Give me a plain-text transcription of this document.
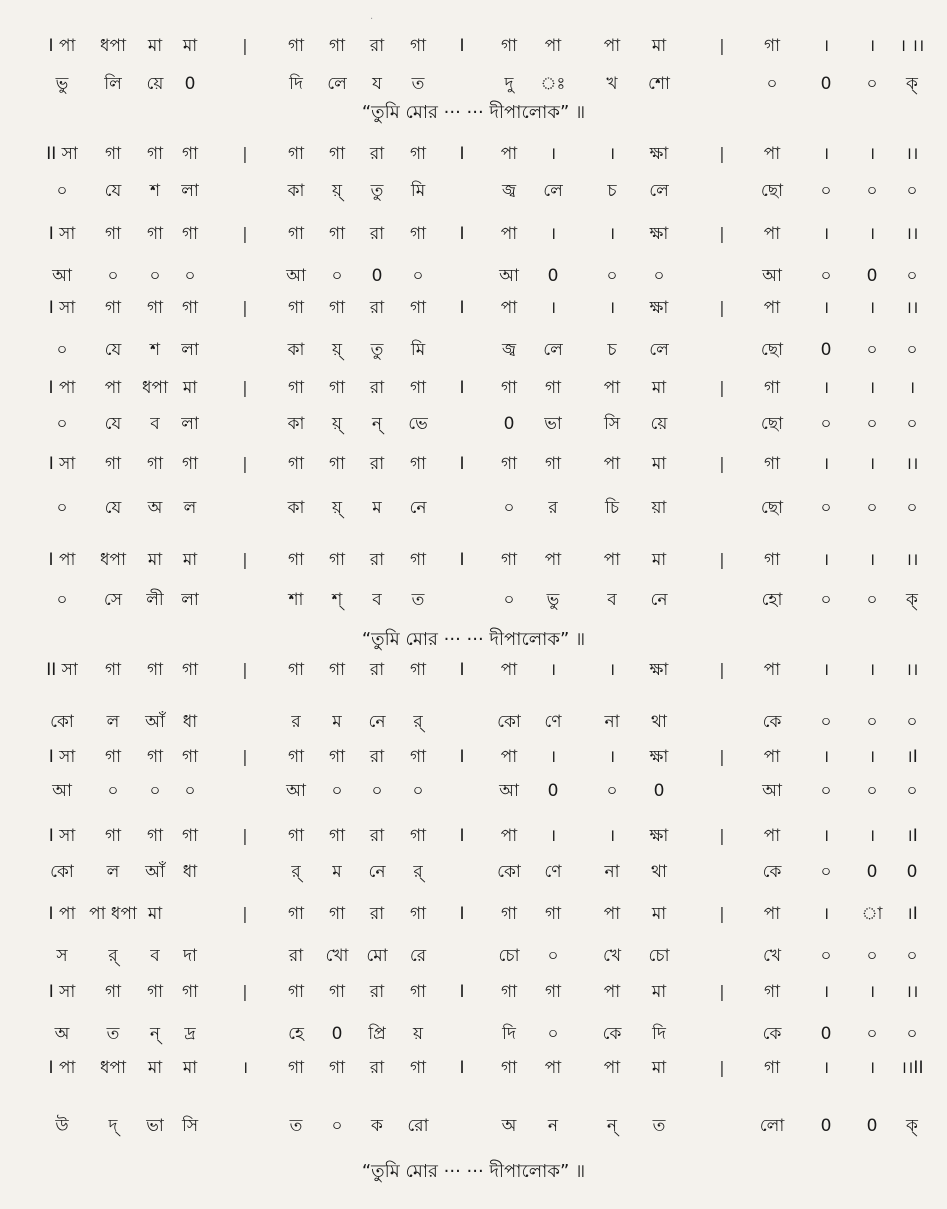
·
I পা ধপা মা মা	| গা গা রা গা I গা পা	পা মা	| গা	। । । ।।
ভু লি য়ে 0	দি লে য ত	দু ঃ খ শো	০	0 ০ ক্
II সা গা গা গা	| গা গা রা গা I পা ।	। ক্ষা	| পা	। । ।।
০ যে শ লা	কা য়্ তু মি	জ্ব লে	চ লে	ছো ০ ০ ০
I সা গা গা গা	| গা গা রা গা I পা ।	। ক্ষা	| পা	। । ।।
আ ০ ০ ০	আ ০ 0 ০	আ 0	০ ০	আ ০ 0 ০
I সা গা গা গা	| গা গা রা গা I পা ।	। ক্ষা	| পা	। । ।।
০ যে শ লা	কা য়্ তু মি	জ্ব লে	চ লে	ছো 0 ০ ০
I পা পা ধপা মা	| গা গা রা গা I গা গা	পা মা	| গা	। । ।
০ যে ব লা	কা য়্ ন্ ভে	0 ভা সি য়ে	ছো ০ ০ ০
I সা গা গা গা	| গা গা রা গা I গা গা	পা মা	| গা	। । ।।
০ যে অ ল	কা য়্ ম নে	০ র	চি য়া	ছো ০ ০ ০
I পা ধপা মা মা	| গা গা রা গা I গা পা	পা মা	| গা	। । ।।
০ সে লী লা	শা শ্ ব ত	০ ভু	ব নে	হো ০ ০ ক্
II সা গা গা গা	| গা গা রা গা I পা ।	। ক্ষা	| পা	। । ।।
কো ল আঁ ধা	র ম নে র্	কো ণে	না থা	কে ০ ০ ০
I সা গা গা গা	| গা গা রা গা I পা ।	। ক্ষা	| পা	। । ।I
আ ০ ০ ০	আ ০ ০ ০	আ 0	০ 0	আ ০ ০ ০
I সা গা গা গা	| গা গা রা গা I পা ।	। ক্ষা	| পা	। । ।I
কো ল আঁ ধা	র্ ম নে র্	কো ণে	না থা	কে ০ 0 0
I পা পা ধপা মা	| গা গা রা গা I গা গা	পা মা	| পা	। া ।I
স র্ ব দা	রা খো মো রে	চো ০	খে চো	খে ০ ০ ০
I সা গা গা গা	| গা গা রা গা I গা গা	পা মা	| গা	। । ।।
অ ত ন্ দ্র	হে 0 প্রি য়	দি ০	কে দি	কে 0 ০ ০
I পা ধপা মা মা	। গা গা রা গা I গা পা	পা মা	| গা	। । ।।II
উ দ্ ভা সি	ত ০ ক রো	অ ন	ন্ ত	লো 0 0 ক্
“তুমি মোর ··· ··· দীপালোক” ॥
“তুমি মোর ··· ··· দীপালোক” ॥
“তুমি মোর ··· ··· দীপালোক” ॥
